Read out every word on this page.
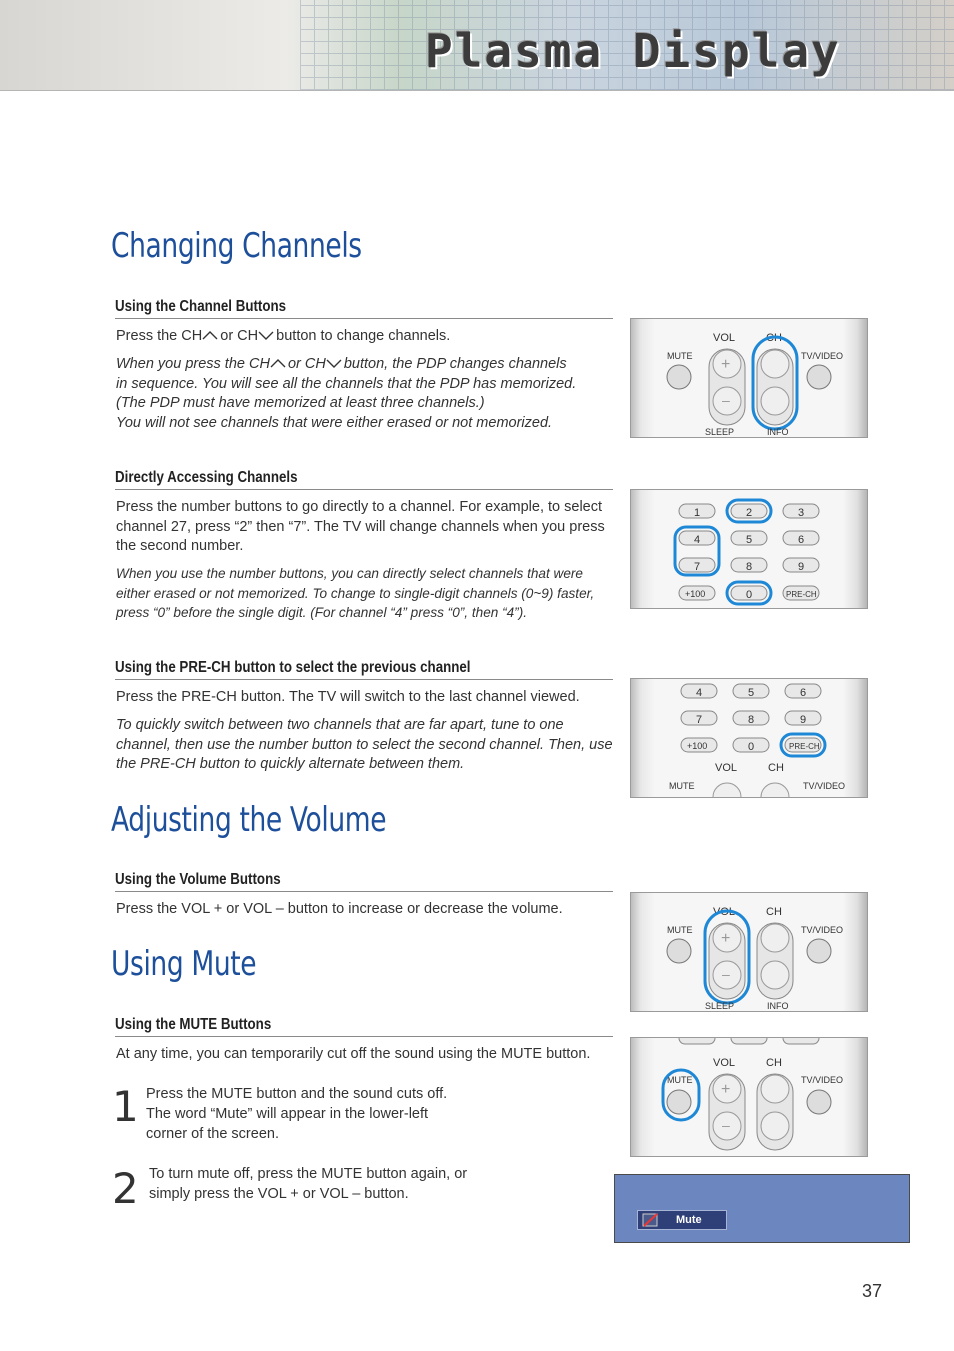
Plasma Display
Changing Channels
Using the Channel Buttons
Press the CH
or CH
button to change channels.
When you press the CH
or CH
button, the PDP changes channels
in sequence. You will see all the channels that the PDP has memorized.
(The PDP must have memorized at least three channels.)
You will not see channels that were either erased or not memorized.
VOL	CH
MUTE	TV/VIDEO
+
–
SLEEP	INFO
Directly Accessing Channels
Press the number buttons to go directly to a channel. For example, to select channel 27, press “2” then “7”. The TV will change channels when you press the second number.
When you use the number buttons, you can directly select channels that were either erased or not memorized. To change to single-digit channels (0~9) faster, press “0” before the single digit. (For channel “4” press “0”, then “4”).
1	2	3
4	5	6
7	8	9
+100	0	PRE-CH
Using the PRE-CH button to select the previous channel
Press the PRE-CH button. The TV will switch to the last channel viewed.
To quickly switch between two channels that are far apart, tune to one channel, then use the number button to select the second channel. Then, use the PRE-CH button to quickly alternate between them.
4	5	6
7	8	9
+100	0	PRE-CH
VOL	CH
MUTE	TV/VIDEO
Adjusting the Volume
Using the Volume Buttons
Press the VOL + or VOL – button to increase or decrease the volume.	VOL	CH
MUTE	TV/VIDEO
+
–
SLEEP	INFO
Using Mute
Using the MUTE Buttons
At any time, you can temporarily cut off the sound using the MUTE button.
1 Press the MUTE button and the sound cuts off. The word “Mute” will appear in the lower-left corner of the screen.
2 To turn mute off, press the MUTE button again, or simply press the VOL + or VOL – button.
VOL	CH
MUTE	TV/VIDEO
+
–
Mute
37
